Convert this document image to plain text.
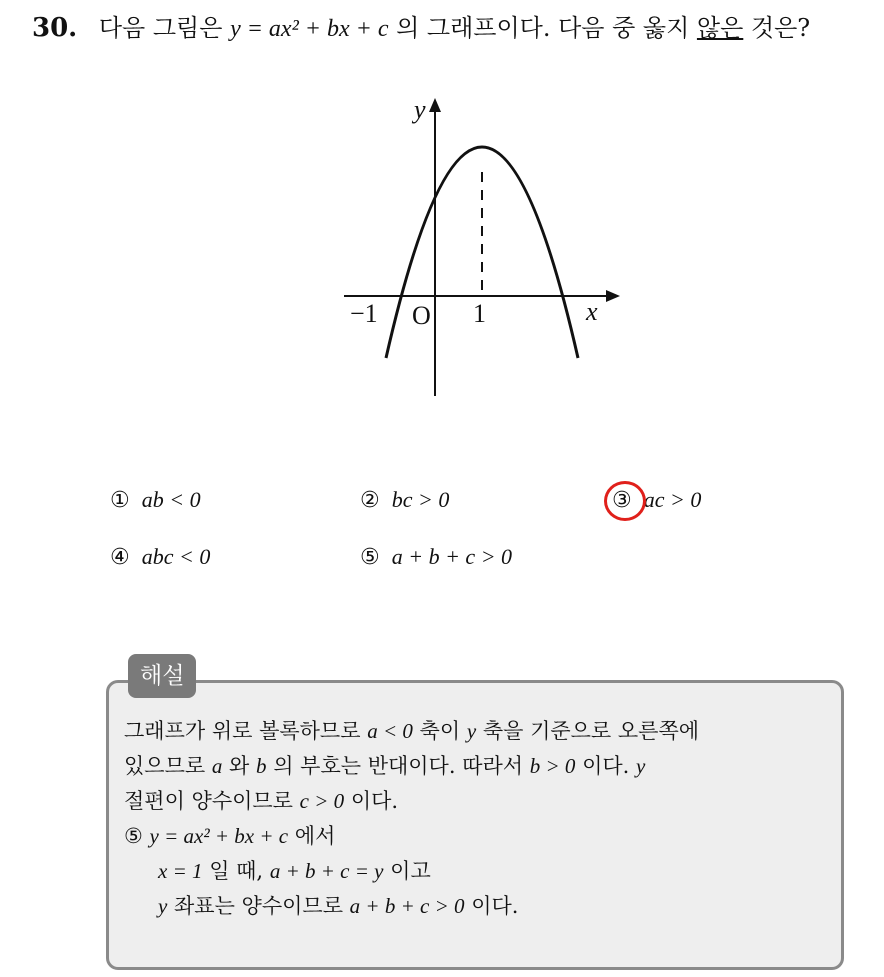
30. 다음 그림은 y = ax² + bx + c 의 그래프이다. 다음 중 옳지 않은 것은?
y
x
O
−1	1
① ab < 0	② bc > 0	③ ac > 0
④ abc < 0	⑤ a + b + c > 0
해설
그래프가 위로 볼록하므로 a < 0 축이 y 축을 기준으로 오른쪽에
있으므로 a 와 b 의 부호는 반대이다. 따라서 b > 0 이다. y
절편이 양수이므로 c > 0 이다.
⑤ y = ax² + bx + c 에서
x = 1 일 때, a + b + c = y 이고
y 좌표는 양수이므로 a + b + c > 0 이다.
